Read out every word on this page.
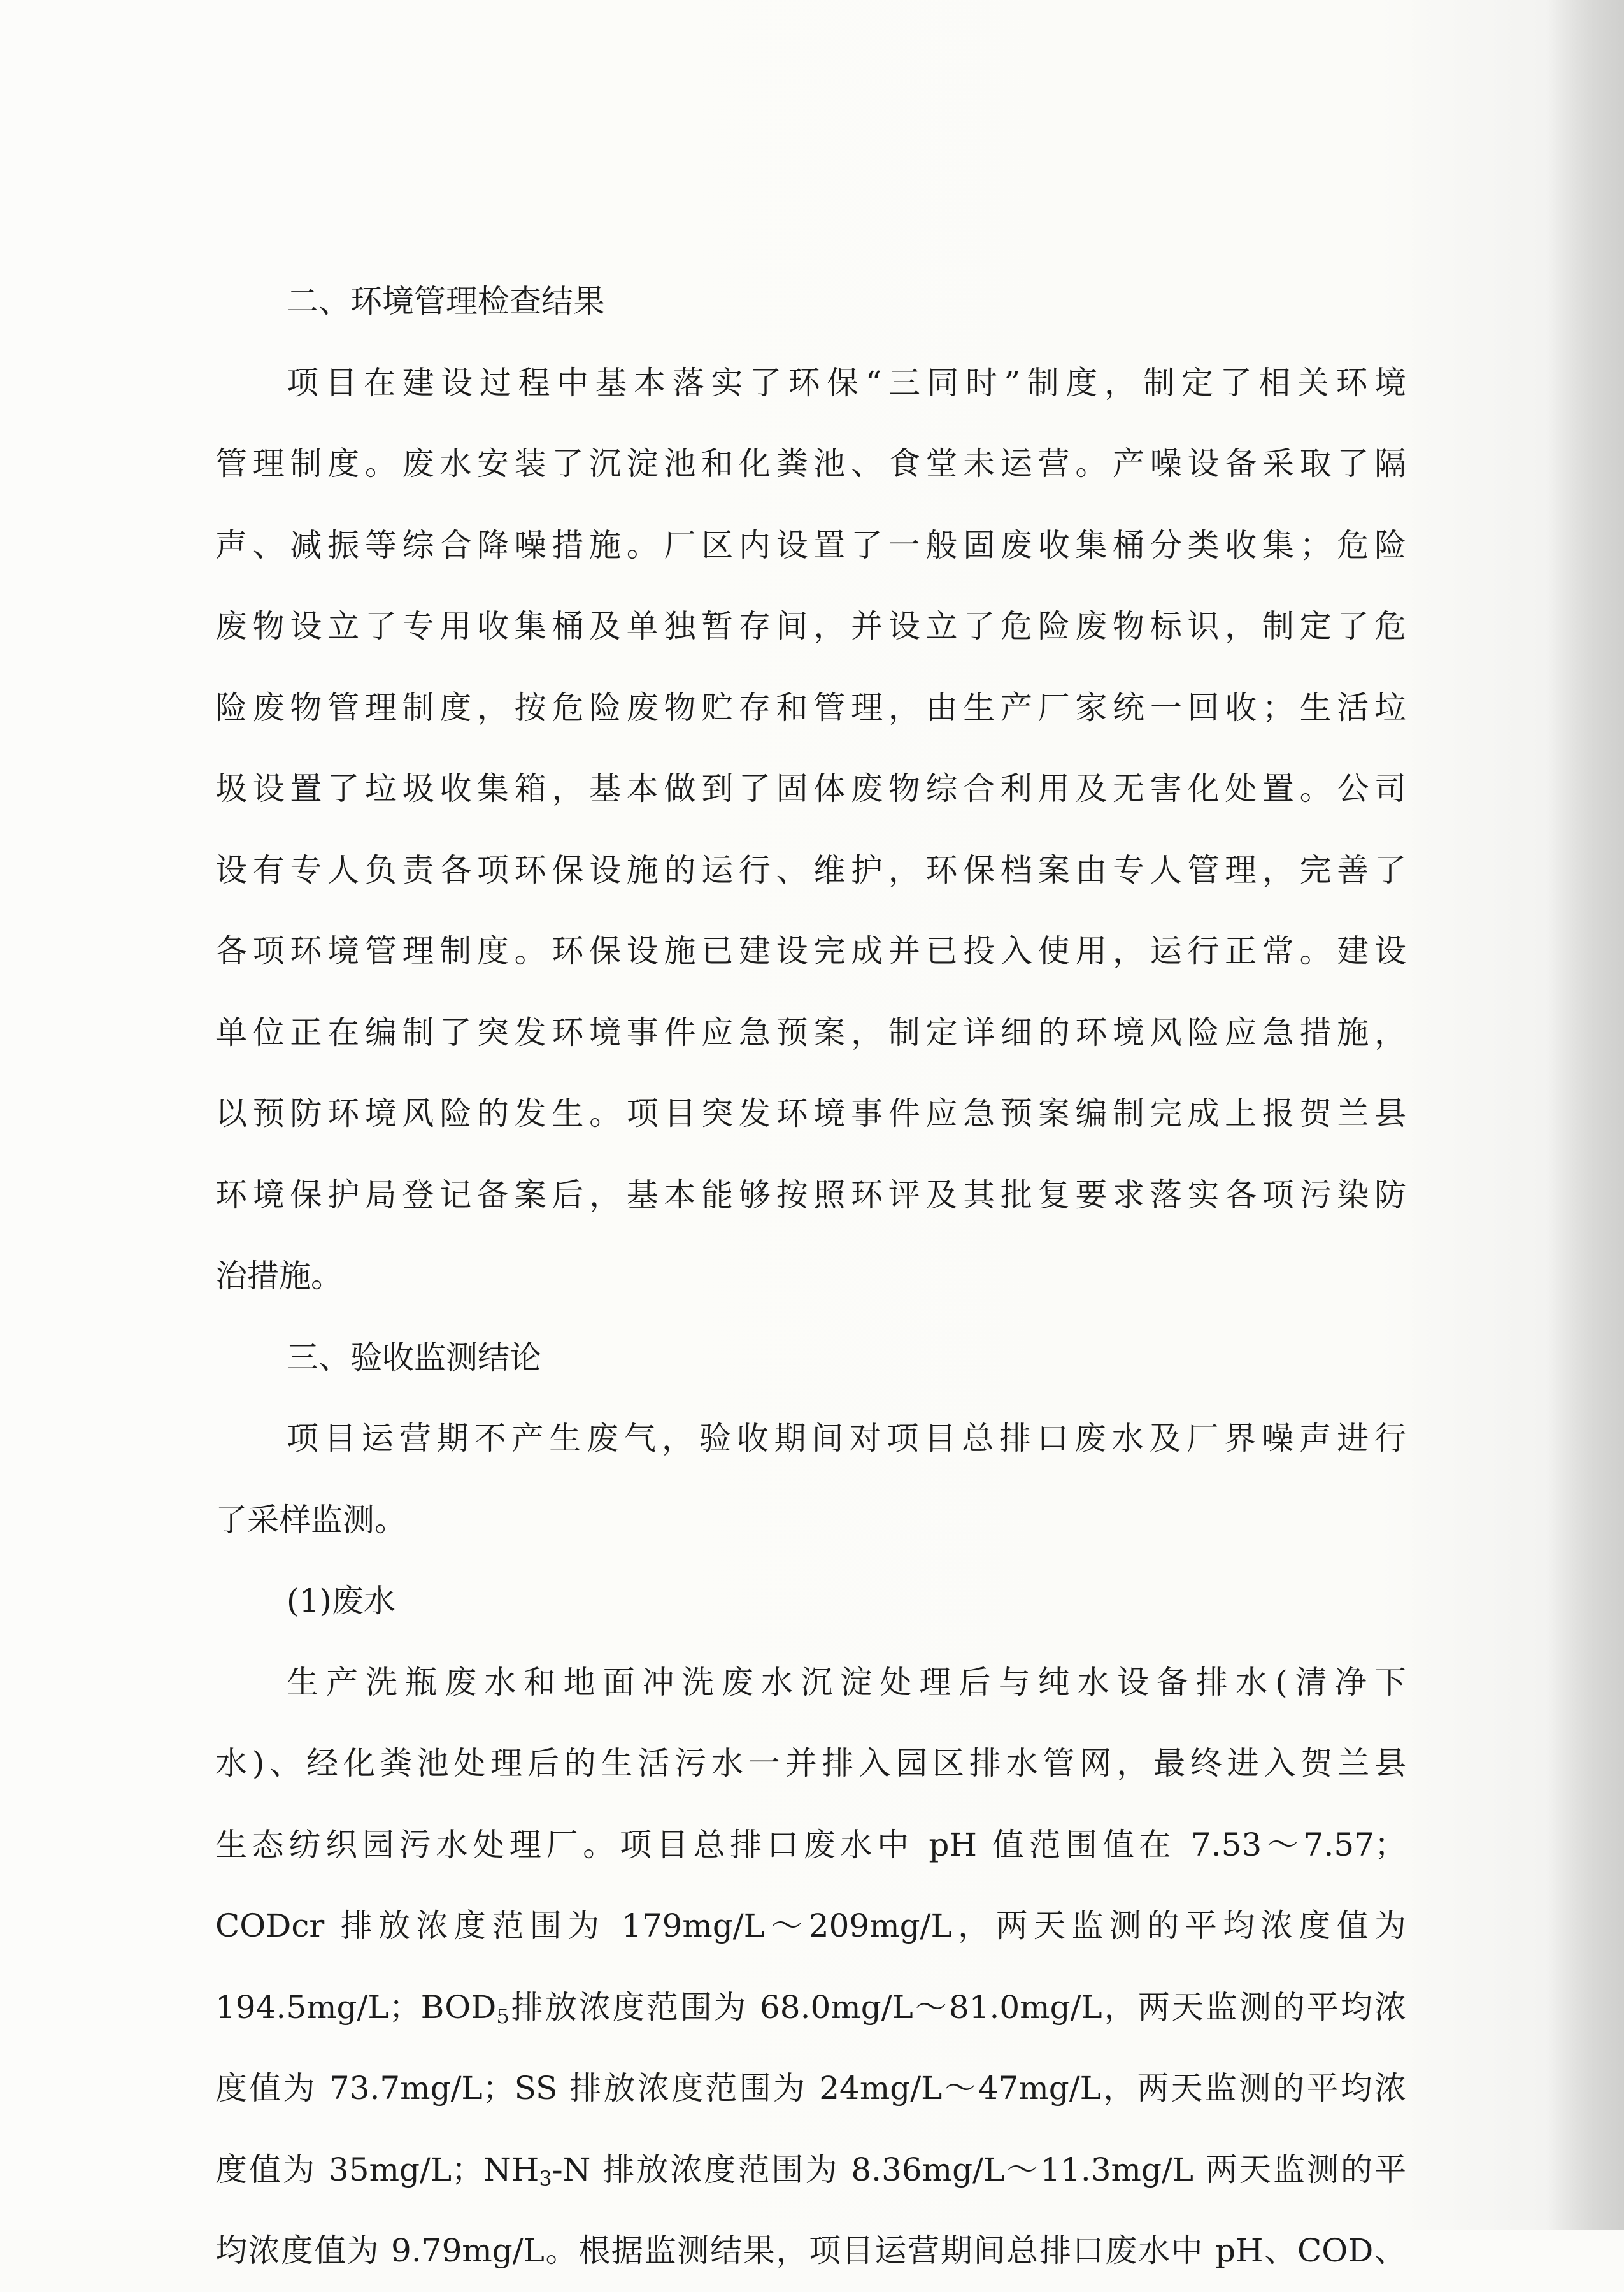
二、环境管理检查结果
项目在建设过程中基本落实了环保“三同时”制度，制定了相关环境
管理制度。废水安装了沉淀池和化粪池、食堂未运营。产噪设备采取了隔
声、减振等综合降噪措施。厂区内设置了一般固废收集桶分类收集；危险
废物设立了专用收集桶及单独暂存间，并设立了危险废物标识，制定了危
险废物管理制度，按危险废物贮存和管理，由生产厂家统一回收；生活垃
圾设置了垃圾收集箱，基本做到了固体废物综合利用及无害化处置。公司
设有专人负责各项环保设施的运行、维护，环保档案由专人管理，完善了
各项环境管理制度。环保设施已建设完成并已投入使用，运行正常。建设
单位正在编制了突发环境事件应急预案，制定详细的环境风险应急措施，
以预防环境风险的发生。项目突发环境事件应急预案编制完成上报贺兰县
环境保护局登记备案后，基本能够按照环评及其批复要求落实各项污染防
治措施。
三、验收监测结论
项目运营期不产生废气，验收期间对项目总排口废水及厂界噪声进行
了采样监测。
(1)废水
生产洗瓶废水和地面冲洗废水沉淀处理后与纯水设备排水(清净下
水)、经化粪池处理后的生活污水一并排入园区排水管网，最终进入贺兰县
生态纺织园污水处理厂。项目总排口废水中 pH 值范围值在 7.53～7.57；
CODcr 排放浓度范围为 179mg/L～209mg/L，两天监测的平均浓度值为
194.5mg/L；$BOD_5$排放浓度范围为 68.0mg/L～81.0mg/L，两天监测的平均浓
度值为 73.7mg/L；SS 排放浓度范围为 24mg/L～47mg/L，两天监测的平均浓
度值为 35mg/L；$NH_3-N$ 排放浓度范围为 8.36mg/L～11.3mg/L 两天监测的平
均浓度值为 9.79mg/L。根据监测结果，项目运营期间总排口废水中 pH、COD、
